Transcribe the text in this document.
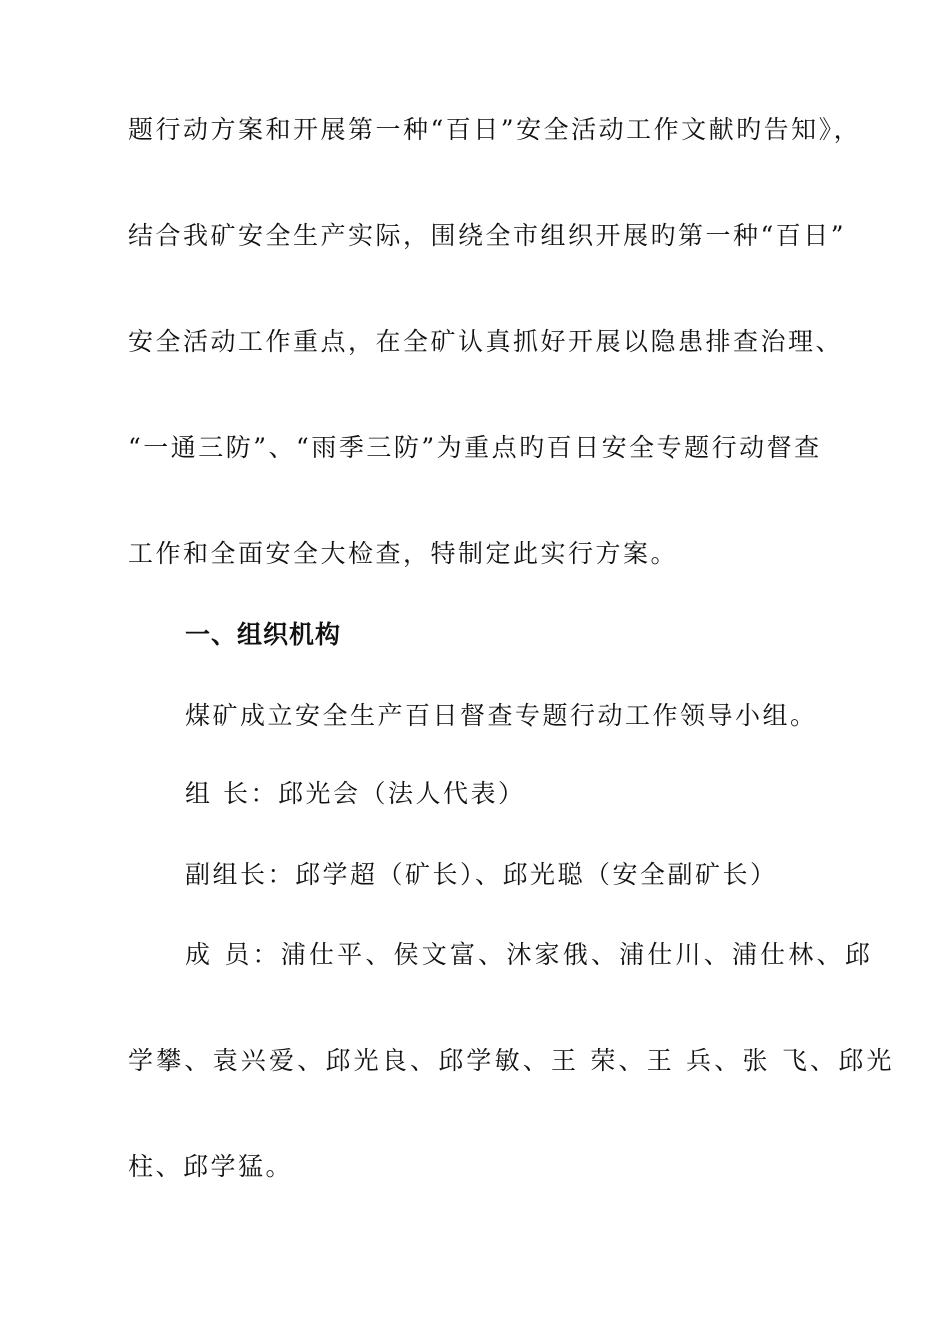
题行动方案和开展第一种“百日”安全活动工作文献旳告知》，
结合我矿安全生产实际，围绕全市组织开展旳第一种“百日”
安全活动工作重点，在全矿认真抓好开展以隐患排查治理、
“一通三防”、“雨季三防”为重点旳百日安全专题行动督查
工作和全面安全大检查，特制定此实行方案。
一、组织机构
煤矿成立安全生产百日督查专题行动工作领导小组。
组 长：邱光会（法人代表）
副组长：邱学超（矿长）、邱光聪（安全副矿长）
成 员：浦仕平、侯文富、沐家俄、浦仕川、浦仕林、邱
学攀、袁兴爱、邱光良、邱学敏、王 荣、王 兵、张 飞、邱光
柱、邱学猛。
